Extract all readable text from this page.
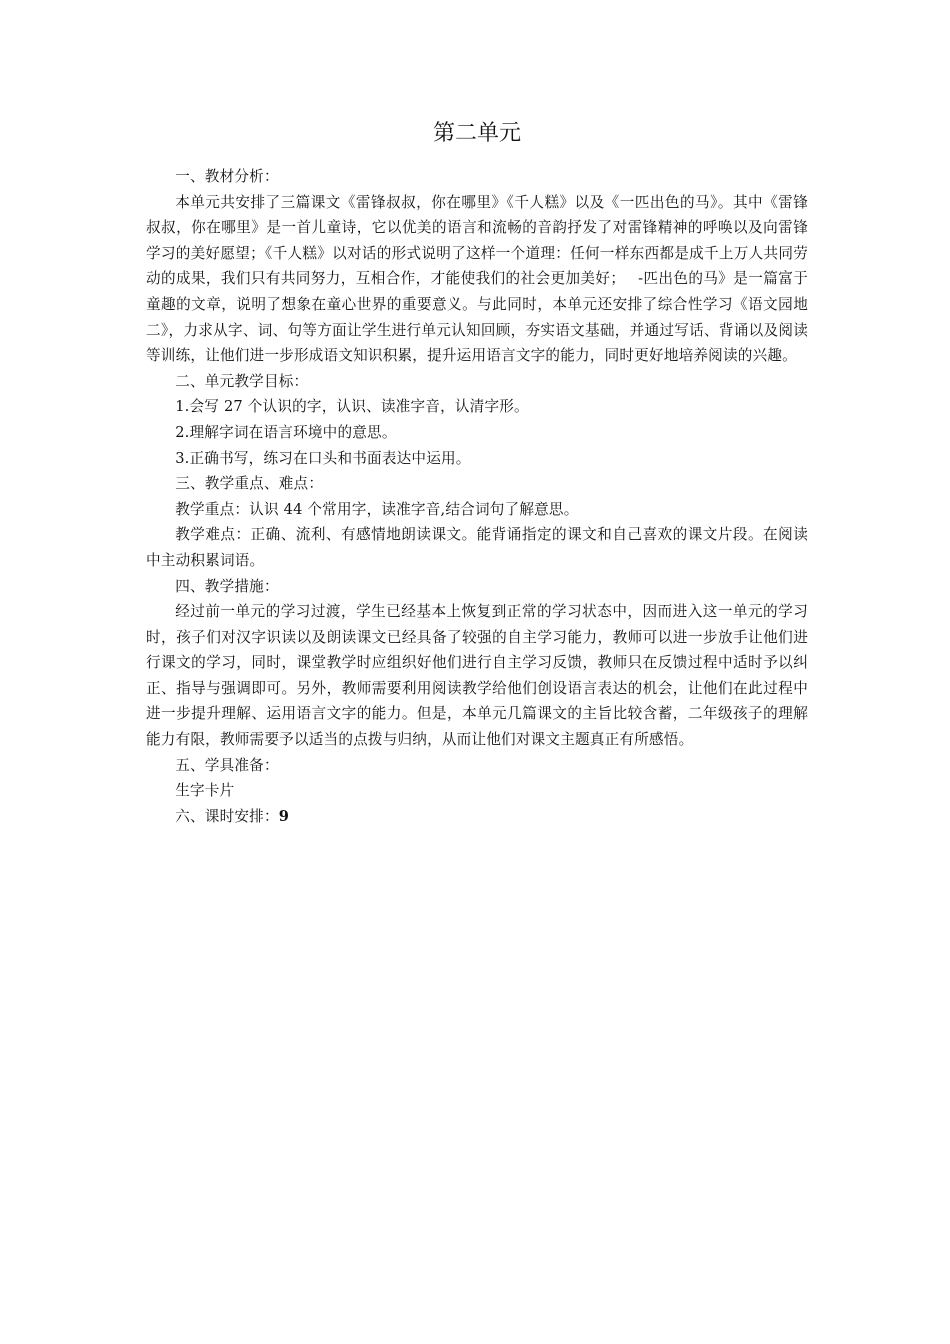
第二单元

一、教材分析：

本单元共安排了三篇课文《雷锋叔叔，你在哪里》《千人糕》以及《一匹出色的马》。其中《雷锋叔叔，你在哪里》是一首儿童诗，它以优美的语言和流畅的音韵抒发了对雷锋精神的呼唤以及向雷锋学习的美好愿望；《千人糕》以对话的形式说明了这样一个道理：任何一样东西都是成千上万人共同劳动的成果，我们只有共同努力，互相合作，才能使我们的社会更加美好；　 -匹出色的马》是一篇富于童趣的文章，说明了想象在童心世界的重要意义。与此同时，本单元还安排了综合性学习《语文园地二》，力求从字、词、句等方面让学生进行单元认知回顾，夯实语文基础，并通过写话、背诵以及阅读等训练，让他们进一步形成语文知识积累，提升运用语言文字的能力，同时更好地培养阅读的兴趣。

二、单元教学目标：

1.会写 27 个认识的字，认识、读准字音，认清字形。

2.理解字词在语言环境中的意思。

3.正确书写，练习在口头和书面表达中运用。

三、教学重点、难点：

教学重点：认识 44 个常用字，读准字音,结合词句了解意思。

教学难点：正确、流利、有感情地朗读课文。能背诵指定的课文和自己喜欢的课文片段。在阅读中主动积累词语。

四、教学措施：

经过前一单元的学习过渡，学生已经基本上恢复到正常的学习状态中，因而进入这一单元的学习时，孩子们对汉字识读以及朗读课文已经具备了较强的自主学习能力，教师可以进一步放手让他们进行课文的学习，同时，课堂教学时应组织好他们进行自主学习反馈，教师只在反馈过程中适时予以纠正、指导与强调即可。另外，教师需要利用阅读教学给他们创设语言表达的机会，让他们在此过程中进一步提升理解、运用语言文字的能力。但是，本单元几篇课文的主旨比较含蓄，二年级孩子的理解能力有限，教师需要予以适当的点拨与归纳，从而让他们对课文主题真正有所感悟。

五、学具准备：

生字卡片

六、课时安排：9
